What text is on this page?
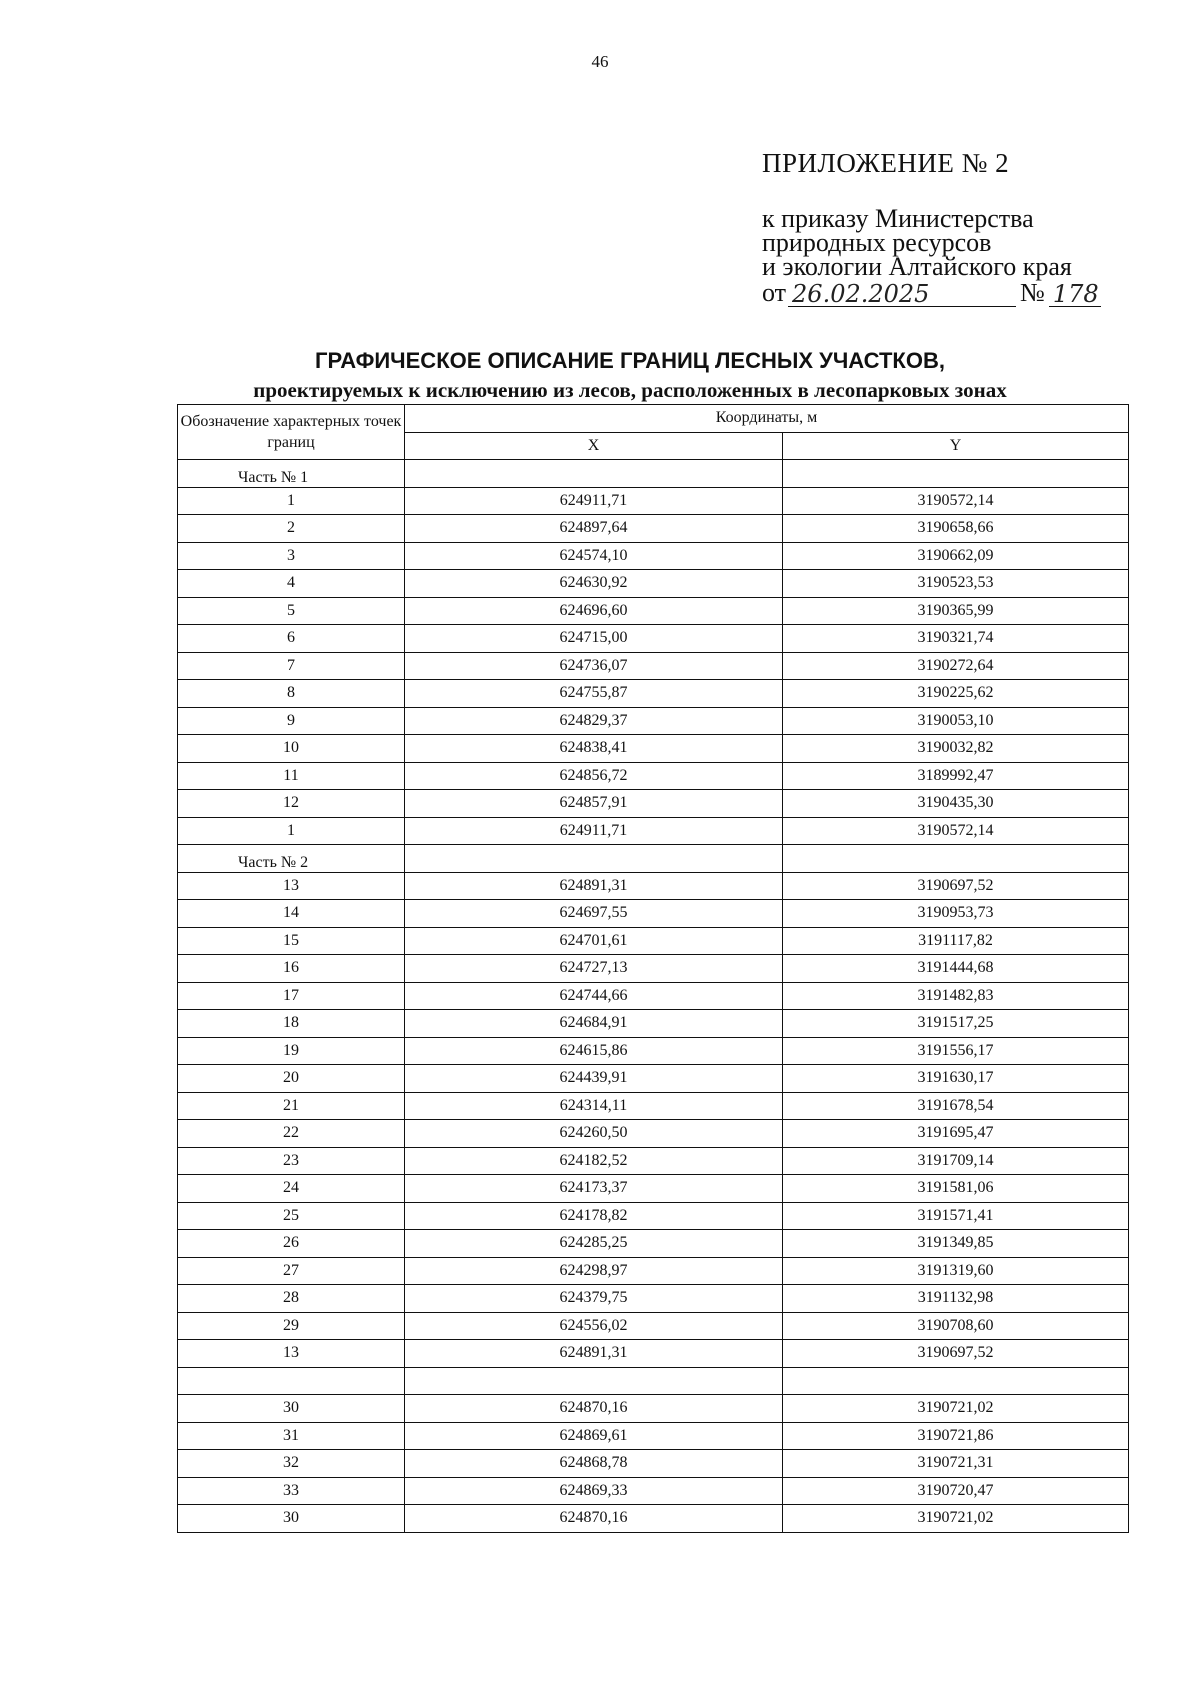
46
ПРИЛОЖЕНИЕ № 2
к приказу Министерства
природных ресурсов
и экологии Алтайского края
от 26.02.2025	№ 178
ГРАФИЧЕСКОЕ ОПИСАНИЕ ГРАНИЦ ЛЕСНЫХ УЧАСТКОВ,
проектируемых к исключению из лесов, расположенных в лесопарковых зонах
Обозначение характерных точек границ	Координаты, м	
	X	Y
Часть № 1		
1	624911,71	3190572,14
2	624897,64	3190658,66
3	624574,10	3190662,09
4	624630,92	3190523,53
5	624696,60	3190365,99
6	624715,00	3190321,74
7	624736,07	3190272,64
8	624755,87	3190225,62
9	624829,37	3190053,10
10	624838,41	3190032,82
11	624856,72	3189992,47
12	624857,91	3190435,30
1	624911,71	3190572,14
Часть № 2		
13	624891,31	3190697,52
14	624697,55	3190953,73
15	624701,61	3191117,82
16	624727,13	3191444,68
17	624744,66	3191482,83
18	624684,91	3191517,25
19	624615,86	3191556,17
20	624439,91	3191630,17
21	624314,11	3191678,54
22	624260,50	3191695,47
23	624182,52	3191709,14
24	624173,37	3191581,06
25	624178,82	3191571,41
26	624285,25	3191349,85
27	624298,97	3191319,60
28	624379,75	3191132,98
29	624556,02	3190708,60
13	624891,31	3190697,52

30	624870,16	3190721,02
31	624869,61	3190721,86
32	624868,78	3190721,31
33	624869,33	3190720,47
30	624870,16	3190721,02
